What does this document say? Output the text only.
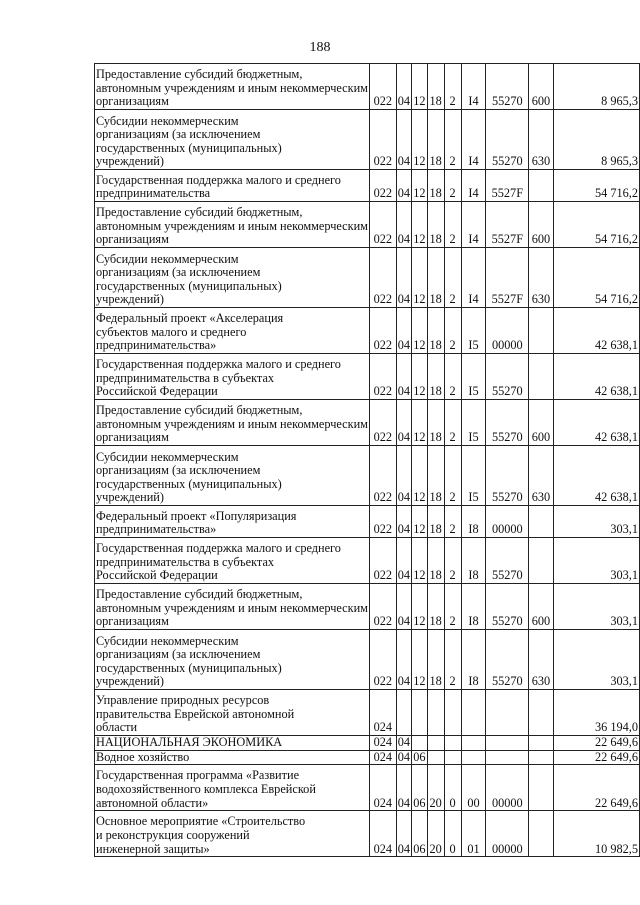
188
Предоставление субсидий бюджетным,
автономным учреждениям и иным некоммерческим
организациям	022	04	12	18	2	I4	55270	600	8 965,3

Субсидии некоммерческим
организациям (за исключением
государственных (муниципальных)
учреждений)	022	04	12	18	2	I4	55270	630	8 965,3

Государственная поддержка малого и среднего
предпринимательства	022	04	12	18	2	I4	5527F		54 716,2

Предоставление субсидий бюджетным,
автономным учреждениям и иным некоммерческим
организациям	022	04	12	18	2	I4	5527F	600	54 716,2

Субсидии некоммерческим
организациям (за исключением
государственных (муниципальных)
учреждений)	022	04	12	18	2	I4	5527F	630	54 716,2

Федеральный проект «Акселерация
субъектов малого и среднего
предпринимательства»	022	04	12	18	2	I5	00000		42 638,1

Государственная поддержка малого и среднего
предпринимательства в субъектах
Российской Федерации	022	04	12	18	2	I5	55270		42 638,1

Предоставление субсидий бюджетным,
автономным учреждениям и иным некоммерческим
организациям	022	04	12	18	2	I5	55270	600	42 638,1

Субсидии некоммерческим
организациям (за исключением
государственных (муниципальных)
учреждений)	022	04	12	18	2	I5	55270	630	42 638,1

Федеральный проект «Популяризация
предпринимательства»	022	04	12	18	2	I8	00000		303,1

Государственная поддержка малого и среднего
предпринимательства в субъектах
Российской Федерации	022	04	12	18	2	I8	55270		303,1

Предоставление субсидий бюджетным,
автономным учреждениям и иным некоммерческим
организациям	022	04	12	18	2	I8	55270	600	303,1

Субсидии некоммерческим
организациям (за исключением
государственных (муниципальных)
учреждений)	022	04	12	18	2	I8	55270	630	303,1

Управление природных ресурсов
правительства Еврейской автономной
области	024								36 194,0
НАЦИОНАЛЬНАЯ ЭКОНОМИКА	024	04							22 649,6
Водное хозяйство	024	04	06						22 649,6

Государственная программа «Развитие
водохозяйственного комплекса Еврейской
автономной области»	024	04	06	20	0	00	00000		22 649,6

Основное мероприятие «Строительство
и реконструкция сооружений
инженерной защиты»	024	04	06	20	0	01	00000		10 982,5
